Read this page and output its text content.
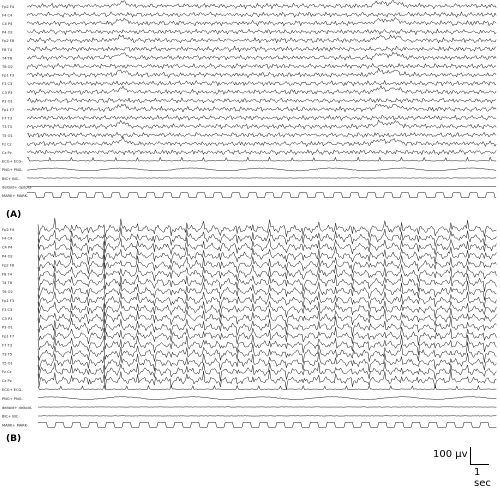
Fp2 F4
F4 C4
C4 P4
P4 O2
Fp2 F8
F8 T4
T4 T6
T6 O2
Fp1 F3
F3 C3
C3 P3
P3 O1
Fp1 F7
F7 T3
T3 T5
T5 O1
Fz Cz
Cz Pz
ECG+ ECG-
PNG+ PNG-
BIC+ BIC-
deltoid+ deltoid-
MARK+ MARK-
Fp2 F4
F4 C4
C4 P4
P4 O2
Fp2 F8
F8 T4
T4 T6
T6 O2
Fp1 F3
F3 C3
C3 P3
P3 O1
Fp1 F7
F7 T3
T3 T5
T5 O1
Fz Cz
Cz Pz
ECG+ ECG-
PNG+ PNG-
deltoid+ deltoid-
BIC+ BIC-
MARK+ MARK-
(A)
(B)
100 µv
1 sec
